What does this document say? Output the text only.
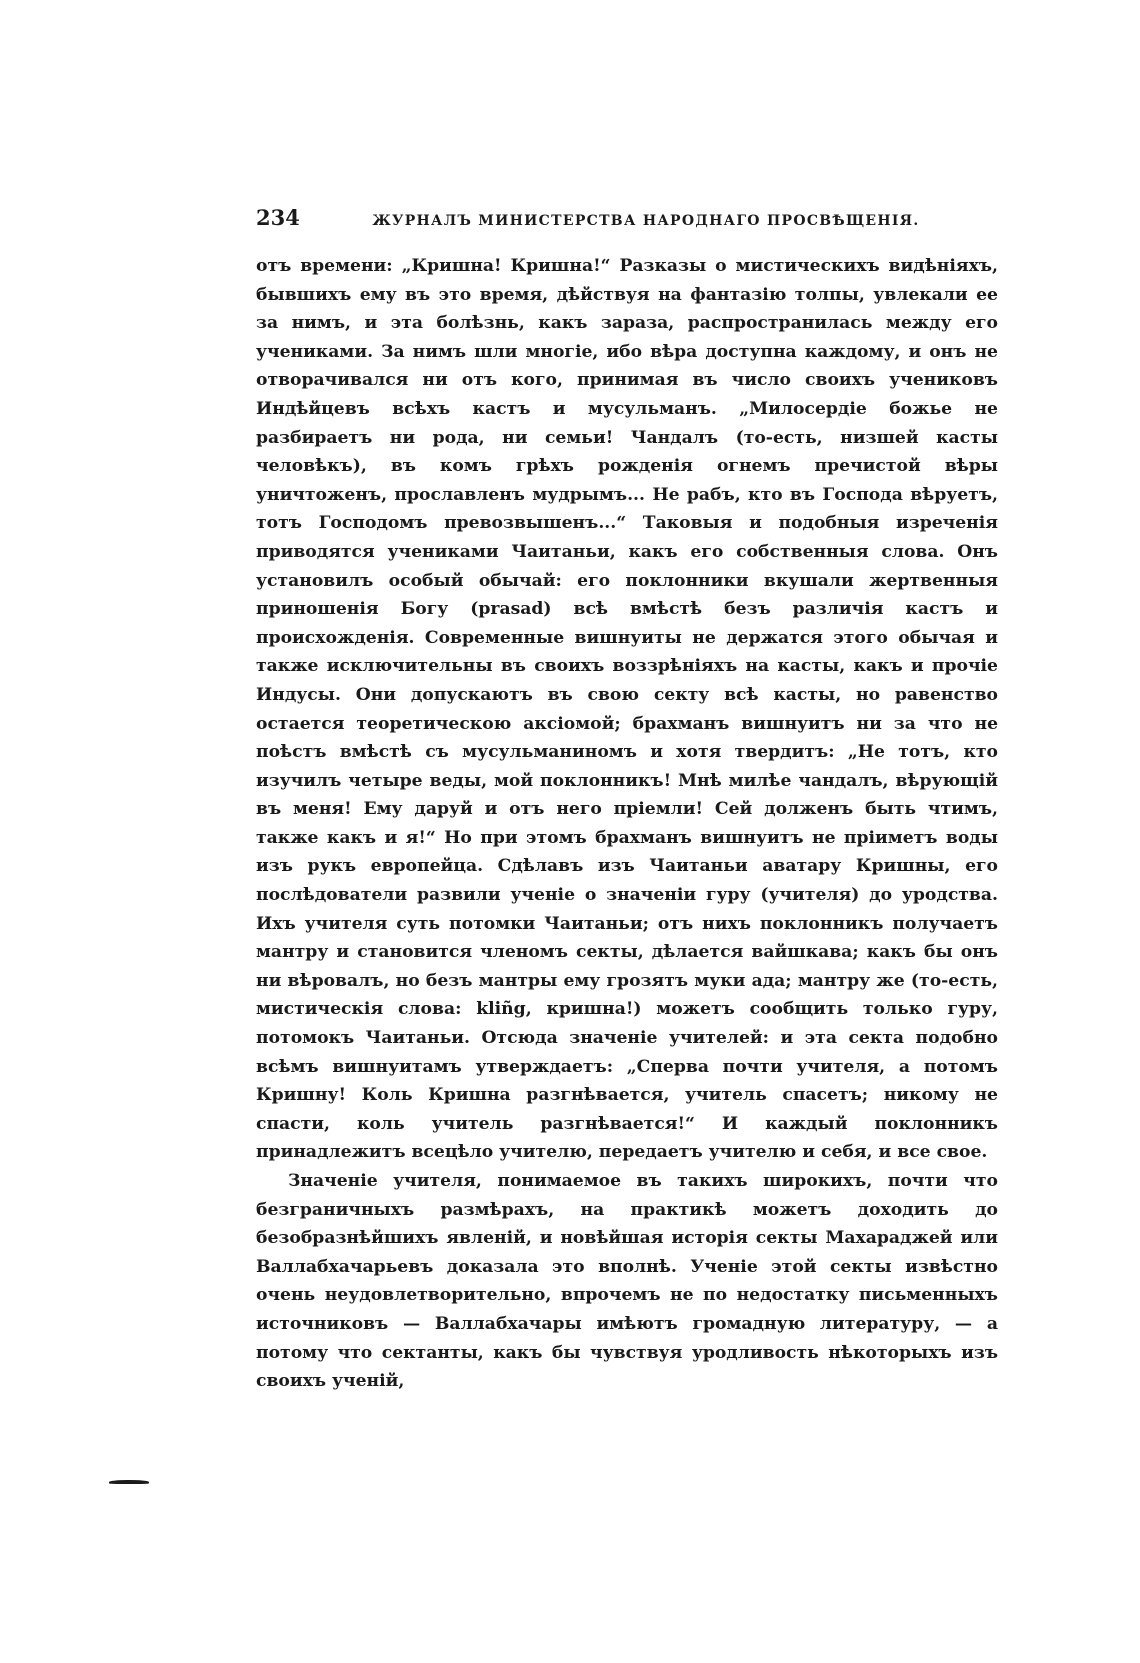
234	ЖУРНАЛЪ МИНИСТЕРСТВА НАРОДНАГО ПРОСВѢЩЕНІЯ.

отъ времени: „Кришна! Кришна!“ Разказы о мистическихъ видѣніяхъ, бывшихъ ему въ это время, дѣйствуя на фантазію толпы, увлекали ее за нимъ, и эта болѣзнь, какъ зараза, распространилась между его учениками. За нимъ шли многіе, ибо вѣра доступна каждому, и онъ не отворачивался ни отъ кого, принимая въ число своихъ учениковъ Индѣйцевъ всѣхъ кастъ и мусульманъ. „Милосердіе божье не разбираетъ ни рода, ни семьи! Чандалъ (то-есть, низшей касты человѣкъ), въ комъ грѣхъ рожденія огнемъ пречистой вѣры уничтоженъ, прославленъ мудрымъ... Не рабъ, кто въ Господа вѣруетъ, тотъ Господомъ превозвышенъ...“ Таковыя и подобныя изреченія приводятся учениками Чаитаньи, какъ его собственныя слова. Онъ установилъ особый обычай: его поклонники вкушали жертвенныя приношенія Богу (prasad) всѣ вмѣстѣ безъ различія кастъ и происхожденія. Современные вишнуиты не держатся этого обычая и также исключительны въ своихъ воззрѣніяхъ на касты, какъ и прочіе Индусы. Они допускаютъ въ свою секту всѣ касты, но равенство остается теоретическою аксіомой; брахманъ вишнуитъ ни за что не поѣстъ вмѣстѣ съ мусульманиномъ и хотя твердитъ: „Не тотъ, кто изучилъ четыре веды, мой поклонникъ! Мнѣ милѣе чандалъ, вѣрующій въ меня! Ему даруй и отъ него пріемли! Сей долженъ быть чтимъ, также какъ и я!“ Но при этомъ брахманъ вишнуитъ не пріиметъ воды изъ рукъ европейца. Сдѣлавъ изъ Чаитаньи аватару Кришны, его послѣдователи развили ученіе о значеніи гуру (учителя) до уродства. Ихъ учителя суть потомки Чаитаньи; отъ нихъ поклонникъ получаетъ мантру и становится членомъ секты, дѣлается вайшкава; какъ бы онъ ни вѣровалъ, но безъ мантры ему грозятъ муки ада; мантру же (то-есть, мистическія слова: kliñg, кришна!) можетъ сообщить только гуру, потомокъ Чаитаньи. Отсюда значеніе учителей: и эта секта подобно всѣмъ вишнуитамъ утверждаетъ: „Сперва почти учителя, а потомъ Кришну! Коль Кришна разгнѣвается, учитель спасетъ; никому не спасти, коль учитель разгнѣвается!“ И каждый поклонникъ принадлежитъ всецѣло учителю, передаетъ учителю и себя, и все свое.

Значеніе учителя, понимаемое въ такихъ широкихъ, почти что безграничныхъ размѣрахъ, на практикѣ можетъ доходить до безобразнѣйшихъ явленій, и новѣйшая исторія секты Махараджей или Валлабхачарьевъ доказала это вполнѣ. Ученіе этой секты извѣстно очень неудовлетворительно, впрочемъ не по недостатку письменныхъ источниковъ — Валлабхачары имѣютъ громадную литературу, — а потому что сектанты, какъ бы чувствуя уродливость нѣкоторыхъ изъ своихъ ученій,
